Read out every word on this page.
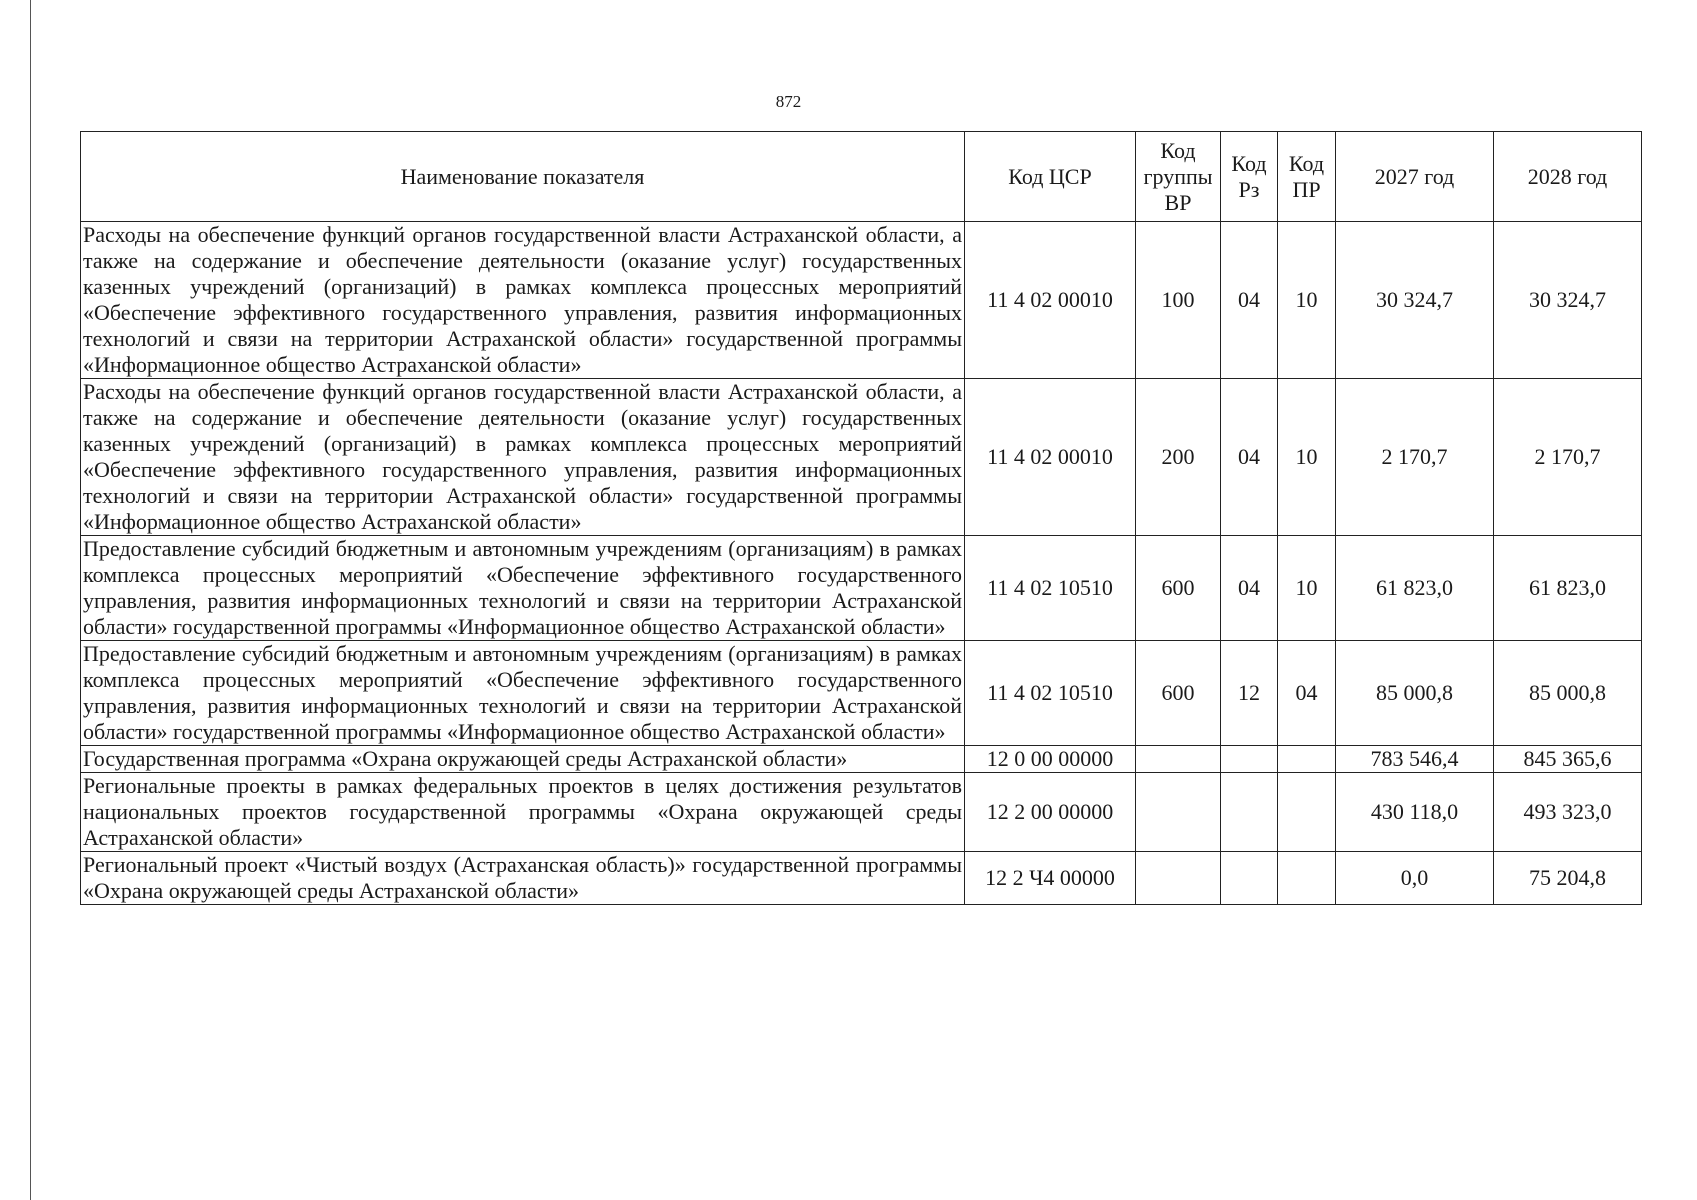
872
Наименование показателя	Код ЦСР	Код группы ВР	Код Рз	Код ПР	2027 год	2028 год
Расходы на обеспечение функций органов государственной власти Астраханской области, а также на содержание и обеспечение деятельности (оказание услуг) государственных казенных учреждений (организаций) в рамках комплекса процессных мероприятий «Обеспечение эффективного государственного управления, развития информационных технологий и связи на территории Астраханской области» государственной программы «Информационное общество Астраханской области»	11 4 02 00010	100	04	10	30 324,7	30 324,7
Расходы на обеспечение функций органов государственной власти Астраханской области, а также на содержание и обеспечение деятельности (оказание услуг) государственных казенных учреждений (организаций) в рамках комплекса процессных мероприятий «Обеспечение эффективного государственного управления, развития информационных технологий и связи на территории Астраханской области» государственной программы «Информационное общество Астраханской области»	11 4 02 00010	200	04	10	2 170,7	2 170,7
Предоставление субсидий бюджетным и автономным учреждениям (организациям) в рамках комплекса процессных мероприятий «Обеспечение эффективного государственного управления, развития информационных технологий и связи на территории Астраханской области» государственной программы «Информационное общество Астраханской области»	11 4 02 10510	600	04	10	61 823,0	61 823,0
Предоставление субсидий бюджетным и автономным учреждениям (организациям) в рамках комплекса процессных мероприятий «Обеспечение эффективного государственного управления, развития информационных технологий и связи на территории Астраханской области» государственной программы «Информационное общество Астраханской области»	11 4 02 10510	600	12	04	85 000,8	85 000,8
Государственная программа «Охрана окружающей среды Астраханской области»	12 0 00 00000				783 546,4	845 365,6
Региональные проекты в рамках федеральных проектов в целях достижения результатов национальных проектов государственной программы «Охрана окружающей среды Астраханской области»	12 2 00 00000				430 118,0	493 323,0
Региональный проект «Чистый воздух (Астраханская область)» государственной программы «Охрана окружающей среды Астраханской области»	12 2 Ч4 00000				0,0	75 204,8
